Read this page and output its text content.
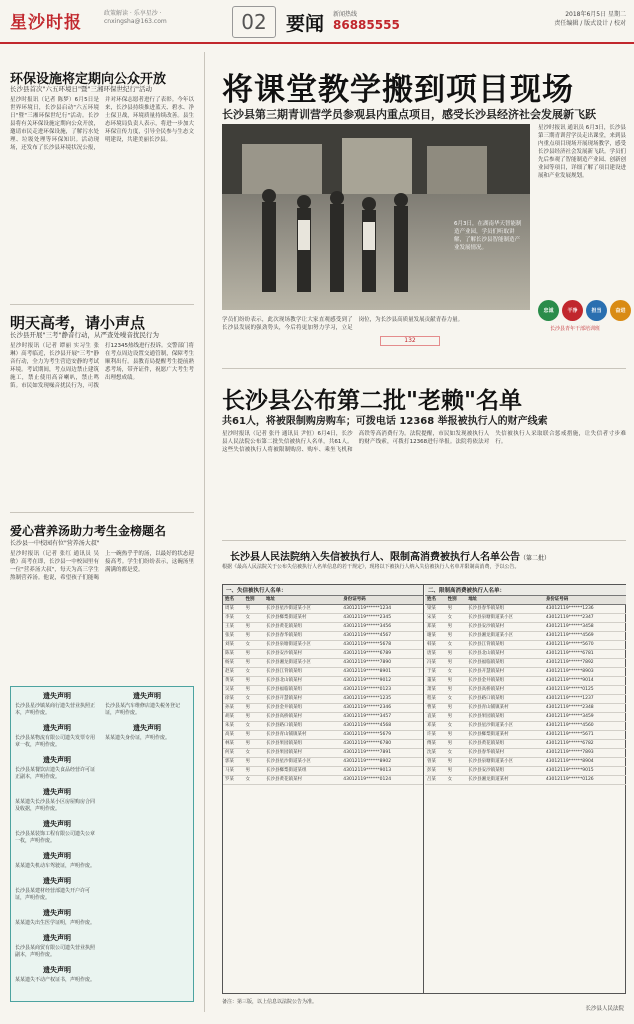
星沙时报	政策解读 · 乐享星沙 · cnxingsha@163.com	02	要闻 新闻热线
86885555
2018年6月5日 星期二
责任编辑 / 版式设计 / 校对
环保设施将定期向公众开放
长沙县首次"六五环境日"暨"三湘环保世纪行"活动
星沙时报讯（记者 陈梦）6月5日是世界环境日，长沙县启动"六五环境日"暨"三湘环保世纪行"活动。长沙县将有关环保设施定期向公众开放，邀请市民走进环保设施，了解污水处理、垃圾处理等环保知识。活动现场，还发布了长沙县环境状况公报，并对环保志愿者进行了表彰。今年以来，长沙县持续推进蓝天、碧水、净土保卫战，环境质量持续改善。县生态环境局负责人表示，将进一步加大环保宣传力度，引导全民参与生态文明建设，共建美丽长沙县。
明天高考，请小声点
长沙县开展"三考"静音行动，从严查处噪音扰民行为
星沙时报讯（记者 谭丽 实习生 张琳）高考临近，长沙县开展"三考"静音行动，全力为考生营造安静的考试环境。考试期间，考点周边禁止建筑施工，禁止使用高音喇叭，禁止鸣笛。市民如发现噪音扰民行为，可拨打12345热线进行投诉。交警部门将在考点周边设置交通管制，保障考生顺利出行。县教育局提醒考生提前熟悉考场，带齐证件，祝愿广大考生考出理想成绩。
爱心营养汤助力考生金榜题名
长沙县一中校园有位"营养汤大叔"
星沙时报讯（记者 张红 通讯员 吴敏）高考在即，长沙县一中校园里有一位"营养汤大叔"，每天为高三学生熬制营养汤。他说，希望孩子们能喝上一碗热乎乎的汤，以最好的状态迎接高考。学生们纷纷表示，这碗汤里满满的都是爱。
遗失声明
长沙县星沙镇某商行遗失营业执照正本，声明作废。
遗失声明
长沙县某物流有限公司遗失发票专用章一枚，声明作废。
遗失声明
长沙县某餐饮店遗失食品经营许可证正副本，声明作废。
遗失声明
某某遗失长沙县某小区房屋购房合同及收据，声明作废。
遗失声明
长沙县某装饰工程有限公司遗失公章一枚，声明作废。
遗失声明
某某遗失机动车驾驶证，声明作废。
遗失声明
长沙县某建材经营部遗失开户许可证，声明作废。
遗失声明
某某遗失出生医学证明，声明作废。
遗失声明
长沙县某商贸有限公司遗失营业执照副本，声明作废。
遗失声明
某某遗失不动产权证书，声明作废。
遗失声明
长沙县某汽车维修店遗失税务登记证，声明作废。
遗失声明
某某遗失身份证，声明作废。
将课堂教学搬到项目现场
长沙县第三期青训营学员参观县内重点项目，感受长沙县经济社会发展新飞跃
6月3日，在湖南华天智能制造产业园，学员们听取讲解，了解长沙县智能制造产业发展情况。
星沙时报讯 通讯员 6月3日，长沙县第三期青训营学员走出课堂，来到县内重点项目现场开展现场教学，感受长沙县经济社会发展新飞跃。学员们先后参观了智能制造产业园、创新创业园等项目，详细了解了项目建设进展和产业发展规划。
学员们纷纷表示，此次现场教学让大家直观感受到了长沙县发展的强劲势头，今后将更加努力学习，立足岗位，为长沙县高质量发展贡献青春力量。
忠诚	干净	担当	奋进
长沙县青年干部培训班
132
长沙县公布第二批"老赖"名单
共61人，将被限制购房购车；可拨电话 12368 举报被执行人的财产线索
星沙时报讯（记者 张丹 通讯员 尹恒）6月4日，长沙县人民法院公布第二批失信被执行人名单，共61人。这些失信被执行人将被限制购房、购车、乘坐飞机和高铁等高消费行为。法院提醒，市民如发现被执行人的财产线索，可拨打12368进行举报。法院将依法对失信被执行人采取联合惩戒措施，让失信者寸步难行。
长沙县人民法院纳入失信被执行人、限制高消费被执行人名单公告（第二批）
根据《最高人民法院关于公布失信被执行人名单信息的若干规定》，现将以下被执行人纳入失信被执行人名单并限制高消费，予以公告。
一、失信被执行人名单：
姓名	性别	地址	身份证号码
周某	男	长沙县星沙街道某小区	43012119******1234
李某	女	长沙县榔梨街道某村	43012119******2345
王某	男	长沙县黄花镇某组	43012119******3456
张某	男	长沙县春华镇某组	43012119******4567
刘某	女	长沙县泉塘街道某小区	43012119******5678
陈某	男	长沙县安沙镇某村	43012119******6789
杨某	男	长沙县湘龙街道某小区	43012119******7890
赵某	女	长沙县江背镇某组	43012119******8901
黄某	男	长沙县北山镇某村	43012119******9012
吴某	男	长沙县福临镇某组	43012119******0123
徐某	女	长沙县开慧镇某村	43012119******1235
孙某	男	长沙县金井镇某组	43012119******2346
胡某	男	长沙县高桥镇某村	43012119******3457
朱某	女	长沙县路口镇某组	43012119******4568
高某	男	长沙县青山铺镇某村	43012119******5679
林某	男	长沙县果园镇某组	43012119******6780
何某	女	长沙县果园镇某村	43012119******7891
郭某	男	长沙县星沙街道某小区	43012119******8902
马某	男	长沙县榔梨街道某组	43012119******9013
罗某	女	长沙县黄花镇某村	43012119******0124
二、限制高消费被执行人名单：
姓名	性别	地址	身份证号码
梁某	男	长沙县春华镇某组	43012119******1236
宋某	女	长沙县泉塘街道某小区	43012119******2347
郑某	男	长沙县安沙镇某村	43012119******3458
谢某	男	长沙县湘龙街道某小区	43012119******4569
韩某	女	长沙县江背镇某组	43012119******5670
唐某	男	长沙县北山镇某村	43012119******6781
冯某	男	长沙县福临镇某组	43012119******7892
于某	女	长沙县开慧镇某村	43012119******8903
董某	男	长沙县金井镇某组	43012119******9014
萧某	男	长沙县高桥镇某村	43012119******0125
程某	女	长沙县路口镇某组	43012119******1237
曹某	男	长沙县青山铺镇某村	43012119******2348
袁某	男	长沙县果园镇某组	43012119******3459
邓某	女	长沙县星沙街道某小区	43012119******4560
许某	男	长沙县榔梨街道某村	43012119******5671
傅某	男	长沙县黄花镇某组	43012119******6782
沈某	女	长沙县春华镇某村	43012119******7893
曾某	男	长沙县泉塘街道某小区	43012119******8904
彭某	男	长沙县安沙镇某组	43012119******9015
吕某	女	长沙县湘龙街道某村	43012119******0126
备注：第三版，以上信息以法院公告为准。
长沙县人民法院
